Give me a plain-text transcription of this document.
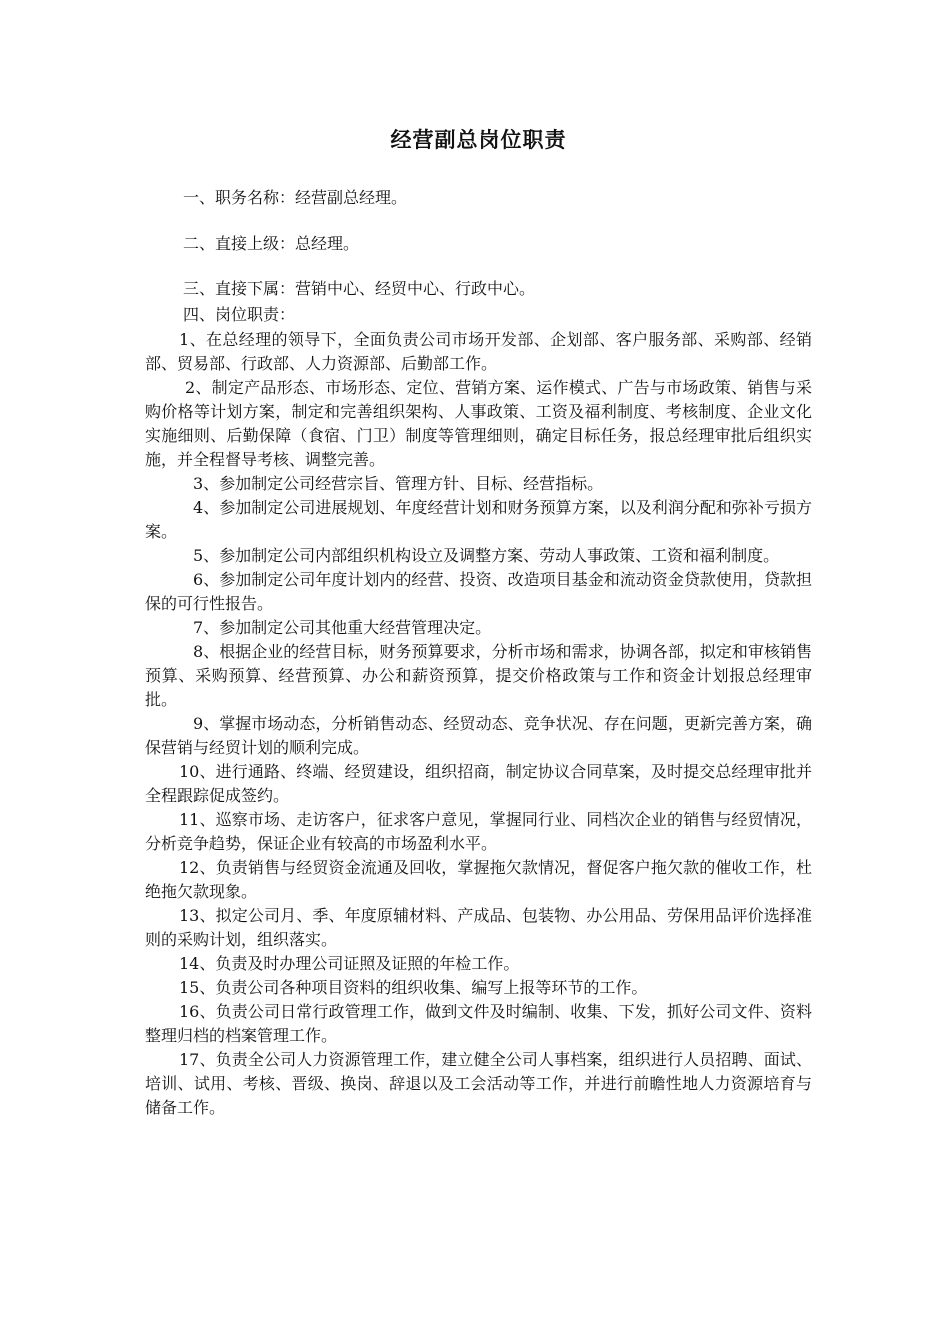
经营副总岗位职责
一、职务名称：经营副总经理。
二、直接上级：总经理。
三、直接下属：营销中心、经贸中心、行政中心。
四、岗位职责：

1、在总经理的领导下，全面负责公司市场开发部、企划部、客户服务部、采购部、经销部、贸易部、行政部、人力资源部、后勤部工作。

2、制定产品形态、市场形态、定位、营销方案、运作模式、广告与市场政策、销售与采购价格等计划方案，制定和完善组织架构、人事政策、工资及福利制度、考核制度、企业文化实施细则、后勤保障（食宿、门卫）制度等管理细则，确定目标任务，报总经理审批后组织实施，并全程督导考核、调整完善。

3、参加制定公司经营宗旨、管理方针、目标、经营指标。

4、参加制定公司进展规划、年度经营计划和财务预算方案，以及利润分配和弥补亏损方案。

5、参加制定公司内部组织机构设立及调整方案、劳动人事政策、工资和福利制度。

6、参加制定公司年度计划内的经营、投资、改造项目基金和流动资金贷款使用，贷款担保的可行性报告。

7、参加制定公司其他重大经营管理决定。

8、根据企业的经营目标，财务预算要求，分析市场和需求，协调各部，拟定和审核销售预算、采购预算、经营预算、办公和薪资预算，提交价格政策与工作和资金计划报总经理审批。

9、掌握市场动态，分析销售动态、经贸动态、竞争状况、存在问题，更新完善方案，确保营销与经贸计划的顺利完成。

10、进行通路、终端、经贸建设，组织招商，制定协议合同草案，及时提交总经理审批并全程跟踪促成签约。

11、巡察市场、走访客户，征求客户意见，掌握同行业、同档次企业的销售与经贸情况，分析竞争趋势，保证企业有较高的市场盈利水平。

12、负责销售与经贸资金流通及回收，掌握拖欠款情况，督促客户拖欠款的催收工作，杜绝拖欠款现象。

13、拟定公司月、季、年度原辅材料、产成品、包装物、办公用品、劳保用品评价选择准则的采购计划，组织落实。

14、负责及时办理公司证照及证照的年检工作。

15、负责公司各种项目资料的组织收集、编写上报等环节的工作。

16、负责公司日常行政管理工作，做到文件及时编制、收集、下发，抓好公司文件、资料整理归档的档案管理工作。

17、负责全公司人力资源管理工作，建立健全公司人事档案，组织进行人员招聘、面试、培训、试用、考核、晋级、换岗、辞退以及工会活动等工作，并进行前瞻性地人力资源培育与储备工作。
